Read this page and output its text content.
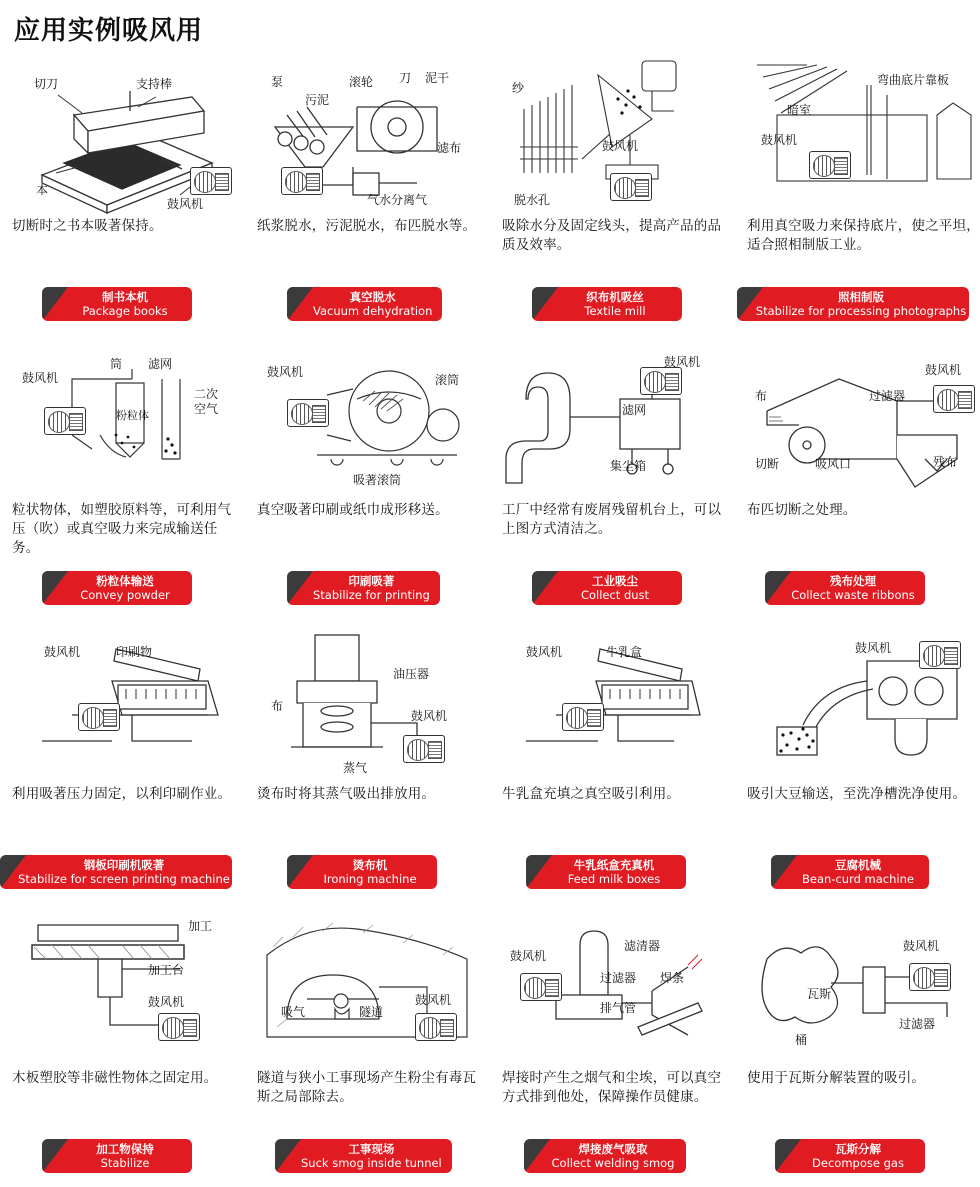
应用实例吸风用
切刀	支持棒
本
鼓风机
切断时之书本吸著保持。
制书本机
Package books
泵
污泥
滚轮 刀 泥干
滤布
气水分离气
纸浆脱水，污泥脱水，布匹脱水等。
真空脱水
Vacuum dehydration
纱
鼓风机
脱水孔
吸除水分及固定线头，提高产品的品质及效率。
织布机吸丝
Textile mill
弯曲底片靠板
暗室
鼓风机
利用真空吸力来保持底片，使之平坦，适合照相制版工业。
照相制版
Stabilize for processing photographs
鼓风机
筒 滤网
二次空气
粉粒体
粒状物体，如塑胶原料等，可利用气压（吹）或真空吸力来完成输送任务。
粉粒体输送
Convey powder
鼓风机
滚筒
吸著滚筒
真空吸著印刷或纸巾成形移送。
印刷吸著
Stabilize for printing
鼓风机
滤网
集尘箱
工厂中经常有废屑残留机台上，可以上图方式清洁之。
工业吸尘
Collect dust
鼓风机
布	过滤器
切断	吸风口	残布
布匹切断之处理。
残布处理
Collect waste ribbons
鼓风机	印刷物
利用吸著压力固定，以利印刷作业。
钢板印刷机吸著
Stabilize for screen printing machine
油压器
布
鼓风机
蒸气
烫布时将其蒸气吸出排放用。
烫布机
Ironing machine
鼓风机	牛乳盒
牛乳盒充填之真空吸引利用。
牛乳纸盒充真机
Feed milk boxes
鼓风机
吸引大豆输送，至洗净槽洗净使用。
豆腐机械
Bean-curd machine
加工
加工台
鼓风机
木板塑胶等非磁性物体之固定用。
加工物保持
Stabilize
吸气	隧道
鼓风机
隧道与狭小工事现场产生粉尘有毒瓦斯之局部除去。
工事现场
Suck smog inside tunnel
鼓风机
滤清器
过滤器 焊条
排气管
焊接时产生之烟气和尘埃，可以真空方式排到他处，保障操作员健康。
焊接废气吸取
Collect welding smog
鼓风机
瓦斯
桶
过滤器
使用于瓦斯分解装置的吸引。
瓦斯分解
Decompose gas
